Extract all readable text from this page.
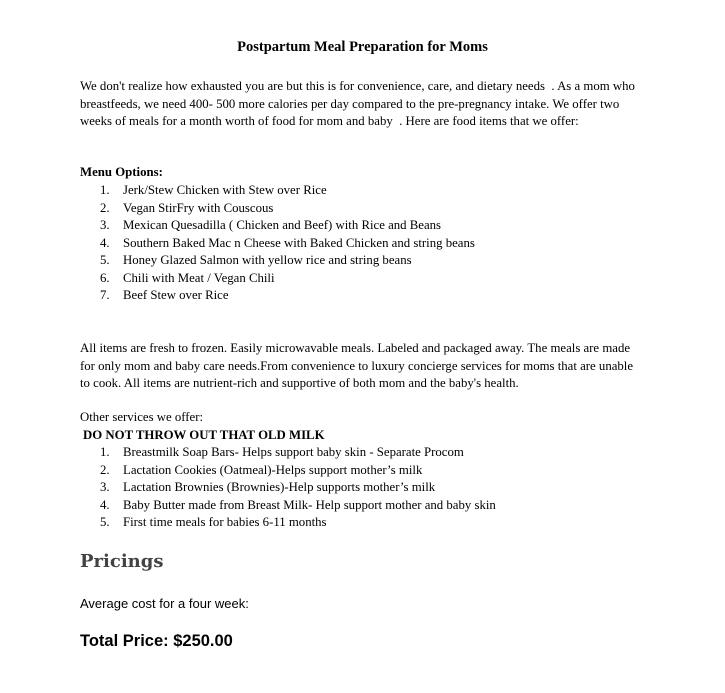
Postpartum Meal Preparation for Moms

We don't realize how exhausted you are but this is for convenience, care, and dietary needs  . As a mom who breastfeeds, we need 400- 500 more calories per day compared to the pre-pregnancy intake. We offer two weeks of meals for a month worth of food for mom and baby  . Here are food items that we offer:

Menu Options:

1.	Jerk/Stew Chicken with Stew over Rice
2.	Vegan StirFry with Couscous
3.	Mexican Quesadilla ( Chicken and Beef) with Rice and Beans
4.	Southern Baked Mac n Cheese with Baked Chicken and string beans
5.	Honey Glazed Salmon with yellow rice and string beans
6.	Chili with Meat / Vegan Chili
7.	Beef Stew over Rice

All items are fresh to frozen. Easily microwavable meals. Labeled and packaged away. The meals are made for only mom and baby care needs.From convenience to luxury concierge services for moms that are unable to cook. All items are nutrient-rich and supportive of both mom and the baby's health.

Other services we offer:

DO NOT THROW OUT THAT OLD MILK

1.	Breastmilk Soap Bars- Helps support baby skin - Separate Procom
2.	Lactation Cookies (Oatmeal)-Helps support mother’s milk
3.	Lactation Brownies (Brownies)-Help supports mother’s milk
4.	Baby Butter made from Breast Milk- Help support mother and baby skin
5.	First time meals for babies 6-11 months
Pricings

Average cost for a four week:

Total Price: $250.00
